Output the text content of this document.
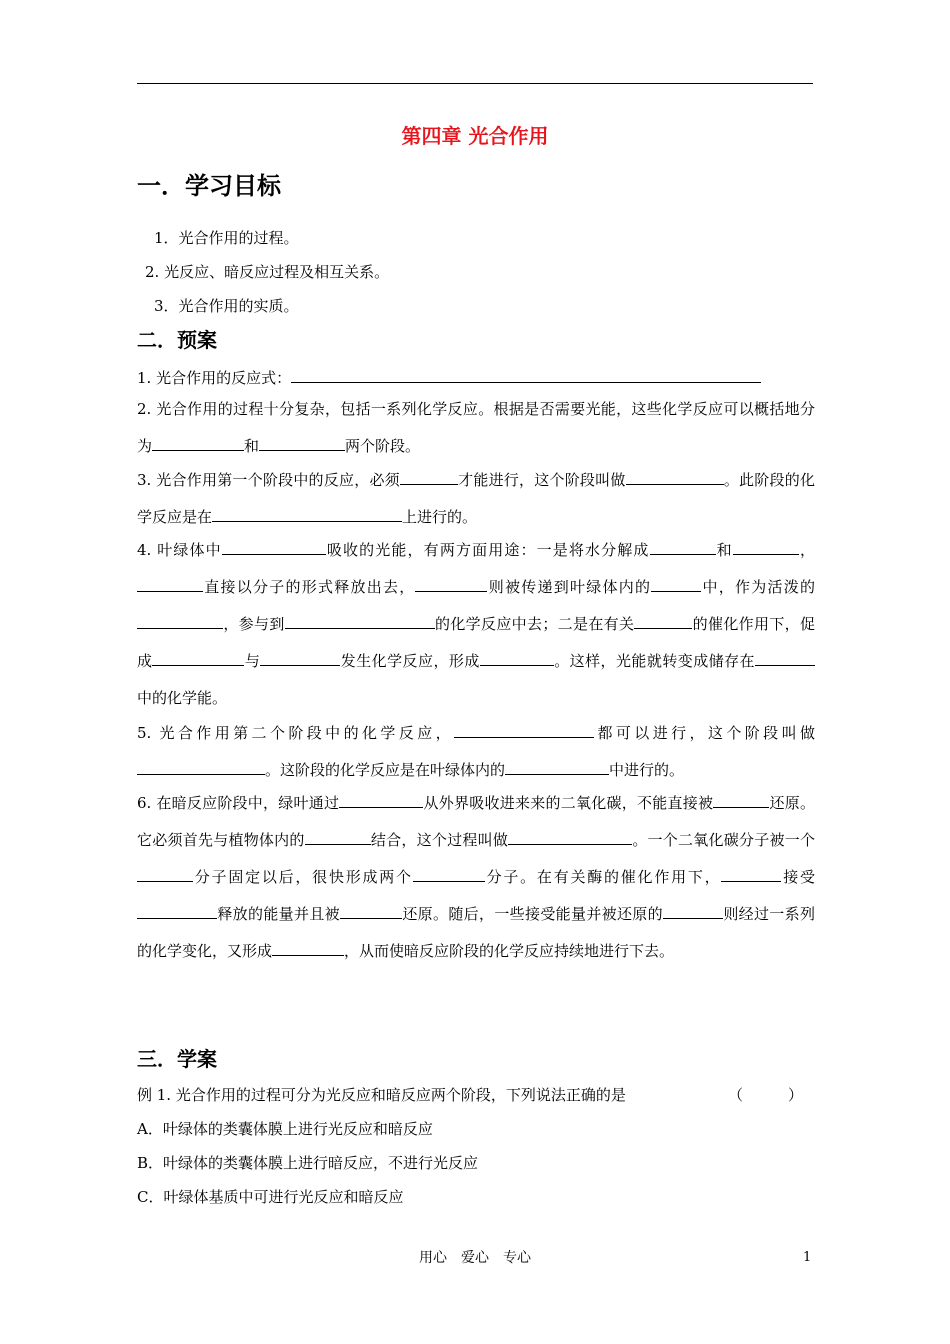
第四章 光合作用
一．学习目标
1．光合作用的过程。
2. 光反应、暗反应过程及相互关系。
3．光合作用的实质。
二．预案
1. 光合作用的反应式：
2. 光合作用的过程十分复杂，包括一系列化学反应。根据是否需要光能，这些化学反应可以概括地分为	和	两个阶段。
3. 光合作用第一个阶段中的反应，必须	才能进行，这个阶段叫做	。此阶段的化学反应是在	上进行的。
4. 叶绿体中	吸收的光能，有两方面用途：一是将水分解成	和	，直接以分子的形式释放出去，	则被传递到叶绿体内的	中，作为活泼的，参与到	的化学反应中去；二是在有关	的催化作用下，促成	与	发生化学反应，形成	。这样，光能就转变成储存在中的化学能。
5. 光合作用第二个阶段中的化学反应，	都可以进行，这个阶段叫做。这阶段的化学反应是在叶绿体内的	中进行的。
6. 在暗反应阶段中，绿叶通过	从外界吸收进来来的二氧化碳，不能直接被	还原。它必须首先与植物体内的	结合，这个过程叫做	。一个二氧化碳分子被一个分子固定以后，很快形成两个	分子。在有关酶的催化作用下，	接受释放的能量并且被	还原。随后，一些接受能量并被还原的	则经过一系列的化学变化，又形成	，从而使暗反应阶段的化学反应持续地进行下去。
三．学案
例 1. 光合作用的过程可分为光反应和暗反应两个阶段，下列说法正确的是	（　　　）
A．叶绿体的类囊体膜上进行光反应和暗反应
B．叶绿体的类囊体膜上进行暗反应，不进行光反应
C．叶绿体基质中可进行光反应和暗反应
用心　爱心　专心	1
